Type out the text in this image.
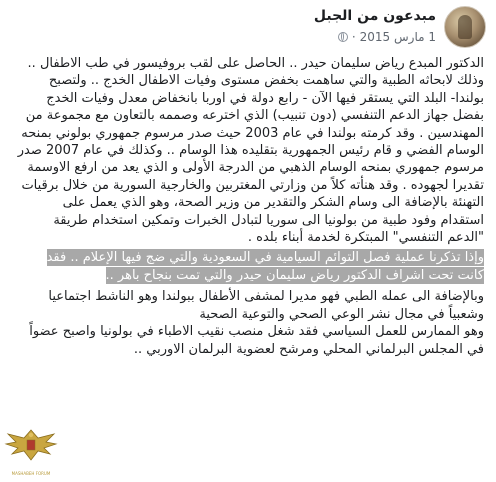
مبدعون من الجبل
1 مارس 2015
·

الدكتور المبدع رياض سليمان حيدر .. الحاصل على لقب بروفيسور في طب الاطفال .. وذلك لابحاثه الطبية والتي ساهمت بخفض مستوى وفيات الاطفال الخدج .. ولتصبح بولندا- البلد التي يستقر فيها الآن - رابع دولة في اوربا بانخفاض معدل وفيات الخدج بفضل جهاز الدعم التنفسي (دون تنبيب) الذي اخترعه وصممه بالتعاون مع مجموعة من المهندسين . وقد كرمته بولندا في عام 2003 حيث صدر مرسوم جمهوري بولوني بمنحه الوسام الفضي و قام رئيس الجمهورية بتقليده هذا الوسام .. وكذلك في عام 2007 صدر مرسوم جمهوري بمنحه الوسام الذهبي من الدرجة الأولى و الذي يعد من ارفع الاوسمة تقديرا لجهوده . وقد هنأته كلاً من وزارتي المغتربين والخارجية السورية من خلال برقيات التهنئة بالإضافة الى وسام الشكر والتقدير من وزير الصحة، وهو الذي يعمل على استقدام وفود طبية من بولونيا الى سوريا لتبادل الخبرات وتمكين استخدام طريقة "الدعم التنفسي" المبتكرة لخدمة أبناء بلده .

وإذا تذكرنا عملية فصل التوائم السيامية في السعودية والتي ضج فيها الإعلام .. فقد كانت تحت اشراف الدكتور رياض سليمان حيدر والتي تمت بنجاح باهر ..

وبالإضافة الى عمله الطبي فهو مديرا لمشفى الأطفال ببولندا وهو الناشط اجتماعيا وشعبياً في مجال نشر الوعي الصحي والتوعية الصحية
وهو الممارس للعمل السياسي فقد شغل منصب نقيب الاطباء في بولونيا واصبح عضواً في المجلس البرلماني المحلي ومرشح لعضوية البرلمان الاوربي ..

MASHABEH FORUM
